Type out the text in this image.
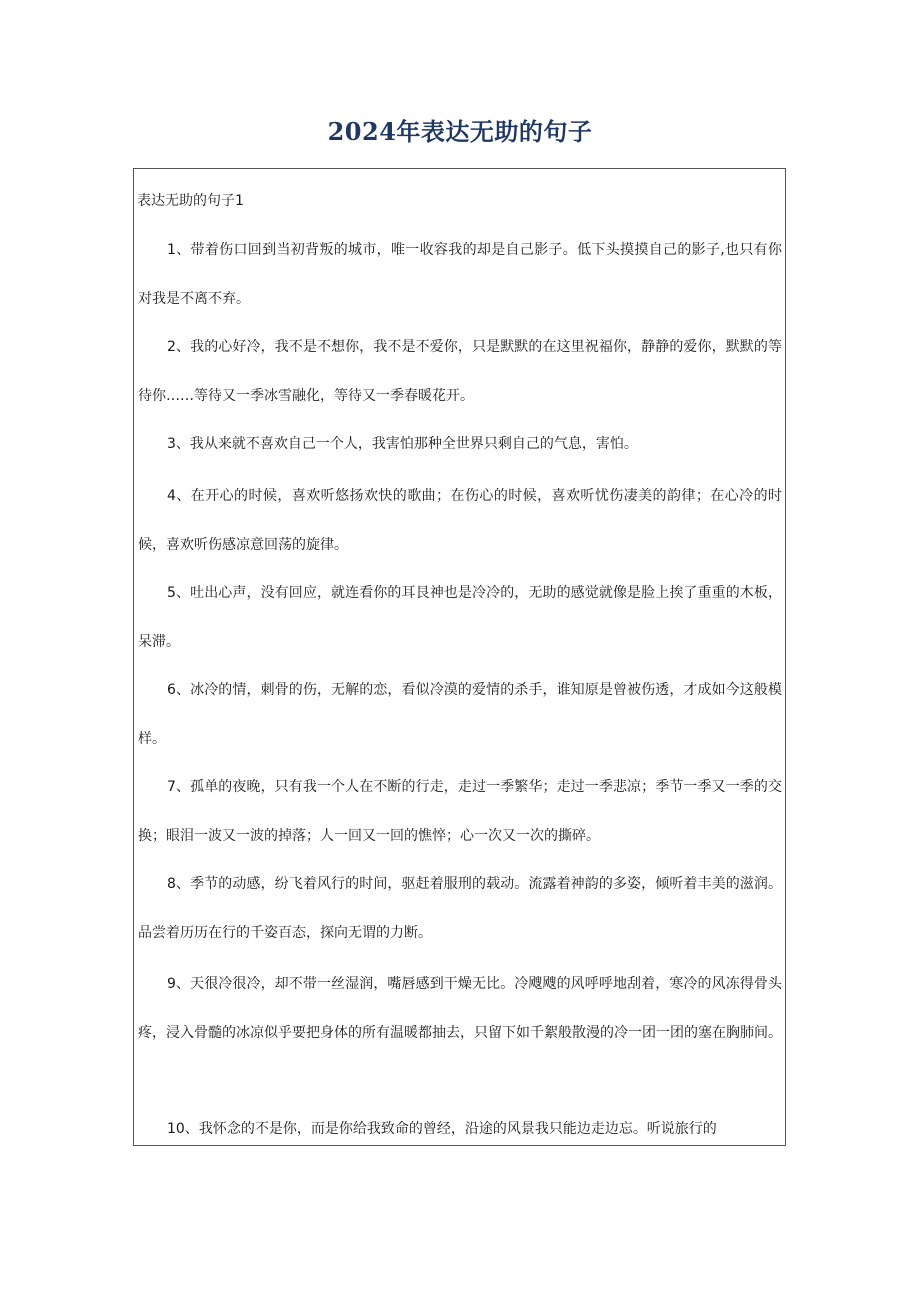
2024年表达无助的句子

表达无助的句子1

1、带着伤口回到当初背叛的城市，唯一收容我的却是自己影子。低下头摸摸自己的影子,也只有你对我是不离不弃。

2、我的心好冷，我不是不想你，我不是不爱你，只是默默的在这里祝福你，静静的爱你，默默的等待你……等待又一季冰雪融化，等待又一季春暖花开。

3、我从来就不喜欢自己一个人，我害怕那种全世界只剩自己的气息，害怕。

4、在开心的时候，喜欢听悠扬欢快的歌曲；在伤心的时候，喜欢听忧伤凄美的韵律；在心冷的时候，喜欢听伤感凉意回荡的旋律。

5、吐出心声，没有回应，就连看你的耳艮神也是冷冷的，无助的感觉就像是脸上挨了重重的木板，呆滞。

6、冰冷的情，刺骨的伤，无解的恋，看似冷漠的爱情的杀手，谁知原是曾被伤透，才成如今这般模样。

7、孤单的夜晚，只有我一个人在不断的行走，走过一季繁华；走过一季悲凉；季节一季又一季的交换；眼泪一波又一波的掉落；人一回又一回的憔悴；心一次又一次的撕碎。

8、季节的动感，纷飞着风行的时间，驱赶着服刑的载动。流露着神韵的多姿，倾听着丰美的滋润。品尝着历历在行的千姿百态，探向无谓的力断。

9、天很冷很冷，却不带一丝湿润，嘴唇感到干燥无比。冷飕飕的风呼呼地刮着，寒冷的风冻得骨头疼，浸入骨髓的冰凉似乎要把身体的所有温暖都抽去，只留下如千絮般散漫的冷一团一团的塞在胸肺间。

10、我怀念的不是你，而是你给我致命的曾经，沿途的风景我只能边走边忘。听说旅行的
